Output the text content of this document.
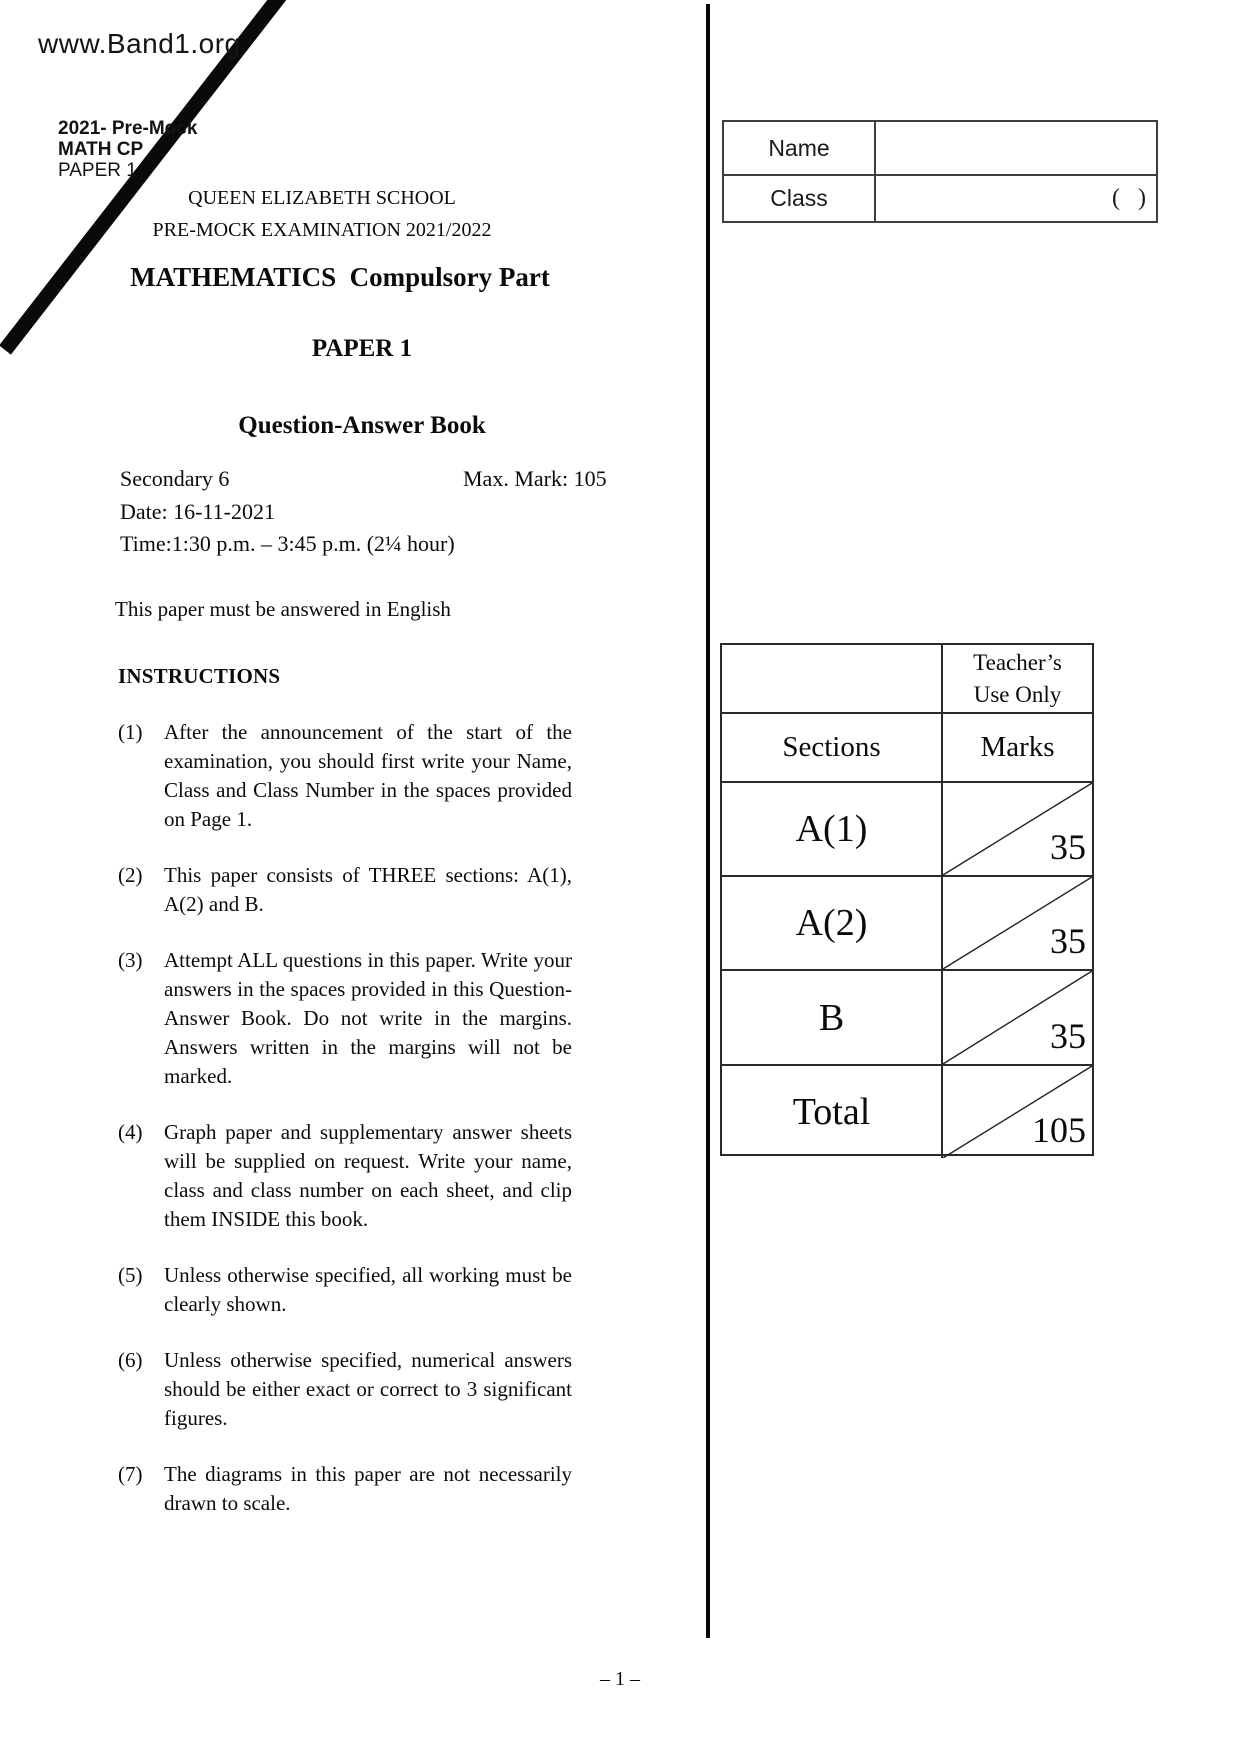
www.Band1.org
2021- Pre-Mock
MATH CP
PAPER 1
QUEEN ELIZABETH SCHOOL
PRE-MOCK EXAMINATION 2021/2022
MATHEMATICS  Compulsory Part
PAPER 1
Question-Answer Book
Secondary 6	Max. Mark: 105
Date: 16-11-2021
Time:1:30 p.m. – 3:45 p.m. (2¼ hour)
This paper must be answered in English
INSTRUCTIONS
(1)	After the announcement of the start of the examination, you should first write your Name, Class and Class Number in the spaces provided on Page 1.
(2)	This paper consists of THREE sections: A(1), A(2) and B.
(3)	Attempt ALL questions in this paper. Write your answers in the spaces provided in this Question-Answer Book. Do not write in the margins. Answers written in the margins will not be marked.
(4)	Graph paper and supplementary answer sheets will be supplied on request. Write your name, class and class number on each sheet, and clip them INSIDE this book.
(5)	Unless otherwise specified, all working must be clearly shown.
(6)	Unless otherwise specified, numerical answers should be either exact or correct to 3 significant figures.
(7)	The diagrams in this paper are not necessarily drawn to scale.
Name
Class	(​   )
Teacher’s
Use Only
Sections	Marks
A(1)	35
A(2)	35
B	35
Total	105
– 1 –
